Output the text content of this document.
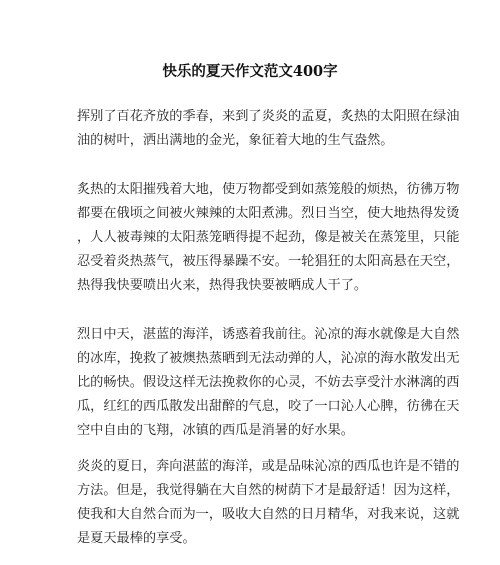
快乐的夏天作文范文400字

挥别了百花齐放的季春，来到了炎炎的孟夏，炙热的太阳照在绿油
油的树叶，洒出满地的金光，象征着大地的生气盎然。

炙热的太阳摧残着大地，使万物都受到如蒸笼般的烦热，彷彿万物
都要在俄顷之间被火辣辣的太阳煮沸。烈日当空，使大地热得发烫
，人人被毒辣的太阳蒸笼晒得提不起劲，像是被关在蒸笼里，只能
忍受着炎热蒸气，被压得暴躁不安。一轮猖狂的太阳高悬在天空，
热得我快要喷出火来，热得我快要被晒成人干了。

烈日中天，湛蓝的海洋，诱惑着我前往。沁凉的海水就像是大自然
的冰库，挽救了被燠热蒸晒到无法动弹的人，沁凉的海水散发出无
比的畅快。假设这样无法挽救你的心灵，不妨去享受汁水淋漓的西
瓜，红红的西瓜散发出甜醉的气息，咬了一口沁人心脾，彷彿在天
空中自由的飞翔，冰镇的西瓜是消暑的好水果。

炎炎的夏日，奔向湛蓝的海洋，或是品味沁凉的西瓜也许是不错的
方法。但是，我觉得躺在大自然的树荫下才是最舒适！因为这样，
使我和大自然合而为一，吸收大自然的日月精华，对我来说，这就
是夏天最棒的享受。
